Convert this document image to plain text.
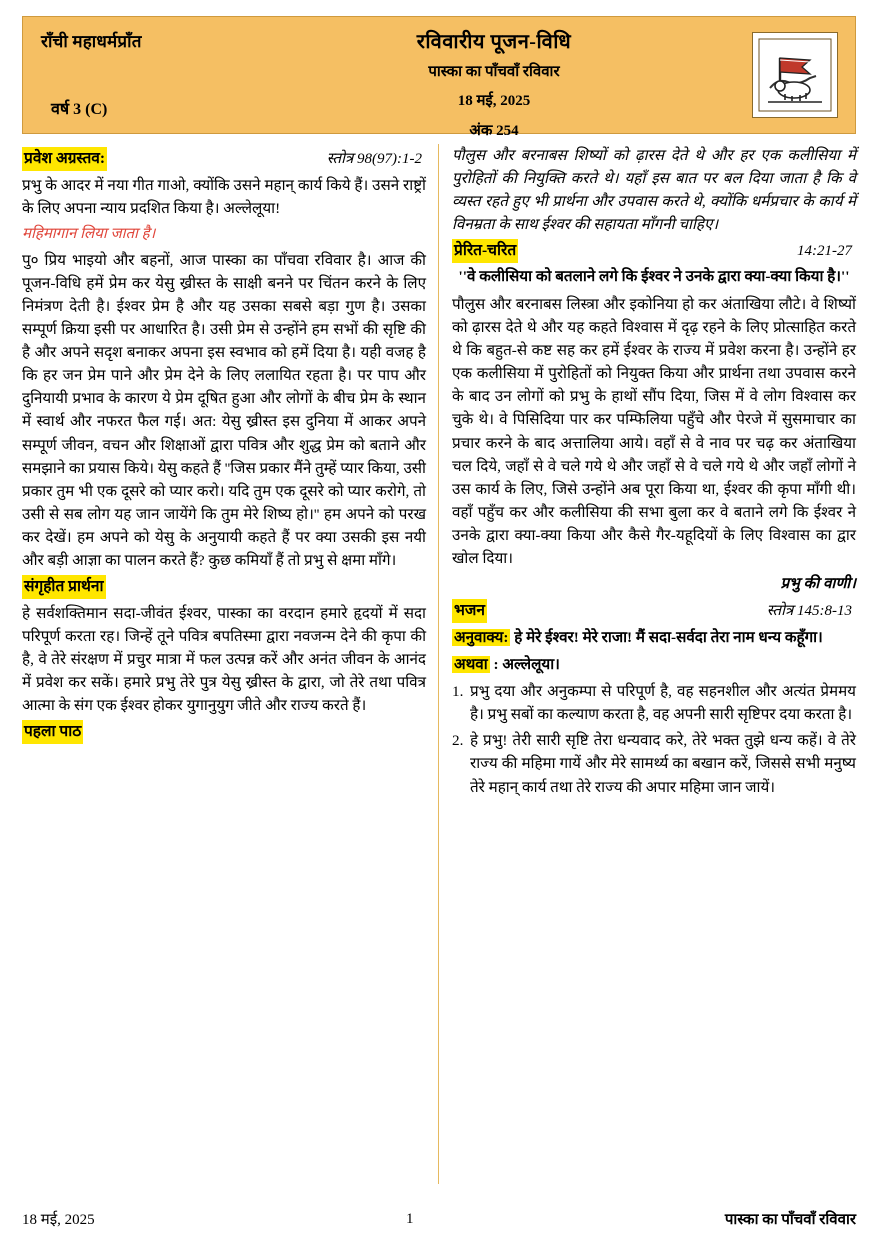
राँची महाधर्मप्राँत
वर्ष 3 (C)
रविवारीय पूजन-विधि
पास्का का पाँचवाँ रविवार
18 मई, 2025
अंक 254
प्रवेश अग्रस्तव:	स्तोत्र 98(97):1-2

प्रभु के आदर में नया गीत गाओ, क्योंकि उसने महान् कार्य किये हैं। उसने राष्ट्रों के लिए अपना न्याय प्रदशित किया है। अल्लेलूया!

महिमागान लिया जाता है।

पु० प्रिय भाइयो और बहनों, आज पास्का का पाँचवा रविवार है। आज की पूजन-विधि हमें प्रेम कर येसु ख्रीस्त के साक्षी बनने पर चिंतन करने के लिए निमंत्रण देती है। ईश्वर प्रेम है और यह उसका सबसे बड़ा गुण है। उसका सम्पूर्ण क्रिया इसी पर आधारित है। उसी प्रेम से उन्होंने हम सभों की सृष्टि की है और अपने सदृश बनाकर अपना इस स्वभाव को हमें दिया है। यही वजह है कि हर जन प्रेम पाने और प्रेम देने के लिए ललायित रहता है। पर पाप और दुनियायी प्रभाव के कारण ये प्रेम दूषित हुआ और लोगों के बीच प्रेम के स्थान में स्वार्थ और नफरत फैल गई। अत: येसु ख्रीस्त इस दुनिया में आकर अपने सम्पूर्ण जीवन, वचन और शिक्षाओं द्वारा पवित्र और शुद्ध प्रेम को बताने और समझाने का प्रयास किये। येसु कहते हैं ''जिस प्रकार मैंने तुम्हें प्यार किया, उसी प्रकार तुम भी एक दूसरे को प्यार करो। यदि तुम एक दूसरे को प्यार करोगे, तो उसी से सब लोग यह जान जायेंगे कि तुम मेरे शिष्य हो।'' हम अपने को परख कर देखें। हम अपने को येसु के अनुयायी कहते हैं पर क्या उसकी इस नयी और बड़ी आज्ञा का पालन करते हैं? कुछ कमियाँ हैं तो प्रभु से क्षमा माँगे।

संगृहीत प्रार्थना

हे सर्वशक्तिमान सदा-जीवंत ईश्वर, पास्का का वरदान हमारे हृदयों में सदा परिपूर्ण करता रह। जिन्हें तूने पवित्र बपतिस्मा द्वारा नवजन्म देने की कृपा की है, वे तेरे संरक्षण में प्रचुर मात्रा में फल उत्पन्न करें और अनंत जीवन के आनंद में प्रवेश कर सकें। हमारे प्रभु तेरे पुत्र येसु ख्रीस्त के द्वारा, जो तेरे तथा पवित्र आत्मा के संग एक ईश्वर होकर युगानुयुग जीते और राज्य करते हैं।

पहला पाठ

पौलुस और बरनाबस शिष्यों को ढ़ारस देते थे और हर एक कलीसिया में पुरोहितों की नियुक्ति करते थे। यहाँ इस बात पर बल दिया जाता है कि वे व्यस्त रहते हुए भी प्रार्थना और उपवास करते थे, क्योंकि धर्मप्रचार के कार्य में विनम्रता के साथ ईश्वर की सहायता माँगनी चाहिए।

प्रेरित-चरित	14:21-27

''वे कलीसिया को बतलाने लगे कि ईश्वर ने उनके द्वारा क्या-क्या किया है।''

पौलुस और बरनाबस लिस्त्रा और इकोनिया हो कर अंताखिया लौटे। वे शिष्यों को ढ़ारस देते थे और यह कहते विश्वास में दृढ़ रहने के लिए प्रोत्साहित करते थे कि बहुत-से कष्ट सह कर हमें ईश्वर के राज्य में प्रवेश करना है। उन्होंने हर एक कलीसिया में पुरोहितों को नियुक्त किया और प्रार्थना तथा उपवास करने के बाद उन लोगों को प्रभु के हाथों सौंप दिया, जिस में वे लोग विश्वास कर चुके थे। वे पिसिदिया पार कर पम्फिलिया पहुँचे और पेरजे में सुसमाचार का प्रचार करने के बाद अत्तालिया आये। वहाँ से वे नाव पर चढ़ कर अंताखिया चल दिये, जहाँ से वे चले गये थे और जहाँ से वे चले गये थे और जहाँ लोगों ने उस कार्य के लिए, जिसे उन्होंने अब पूरा किया था, ईश्वर की कृपा माँगी थी। वहाँ पहुँच कर और कलीसिया की सभा बुला कर वे बताने लगे कि ईश्वर ने उनके द्वारा क्या-क्या किया और कैसे गैर-यहूदियों के लिए विश्वास का द्वार खोल दिया।

प्रभु की वाणी।

भजन	स्तोत्र 145:8-13

अनुवाक्य: हे मेरे ईश्वर! मेरे राजा! मैं सदा-सर्वदा तेरा नाम धन्य कहूँगा।

अथवा : अल्लेलूया।

1. प्रभु दया और अनुकम्पा से परिपूर्ण है, वह सहनशील और अत्यंत प्रेममय है। प्रभु सबों का कल्याण करता है, वह अपनी सारी सृष्टिपर दया करता है।
2. हे प्रभु! तेरी सारी सृष्टि तेरा धन्यवाद करे, तेरे भक्त तुझे धन्य कहें। वे तेरे राज्य की महिमा गायें और मेरे सामर्थ्य का बखान करें, जिससे सभी मनुष्य तेरे महान् कार्य तथा तेरे राज्य की अपार महिमा जान जायें।
18 मई, 2025	1	पास्का का पाँचवाँ रविवार
